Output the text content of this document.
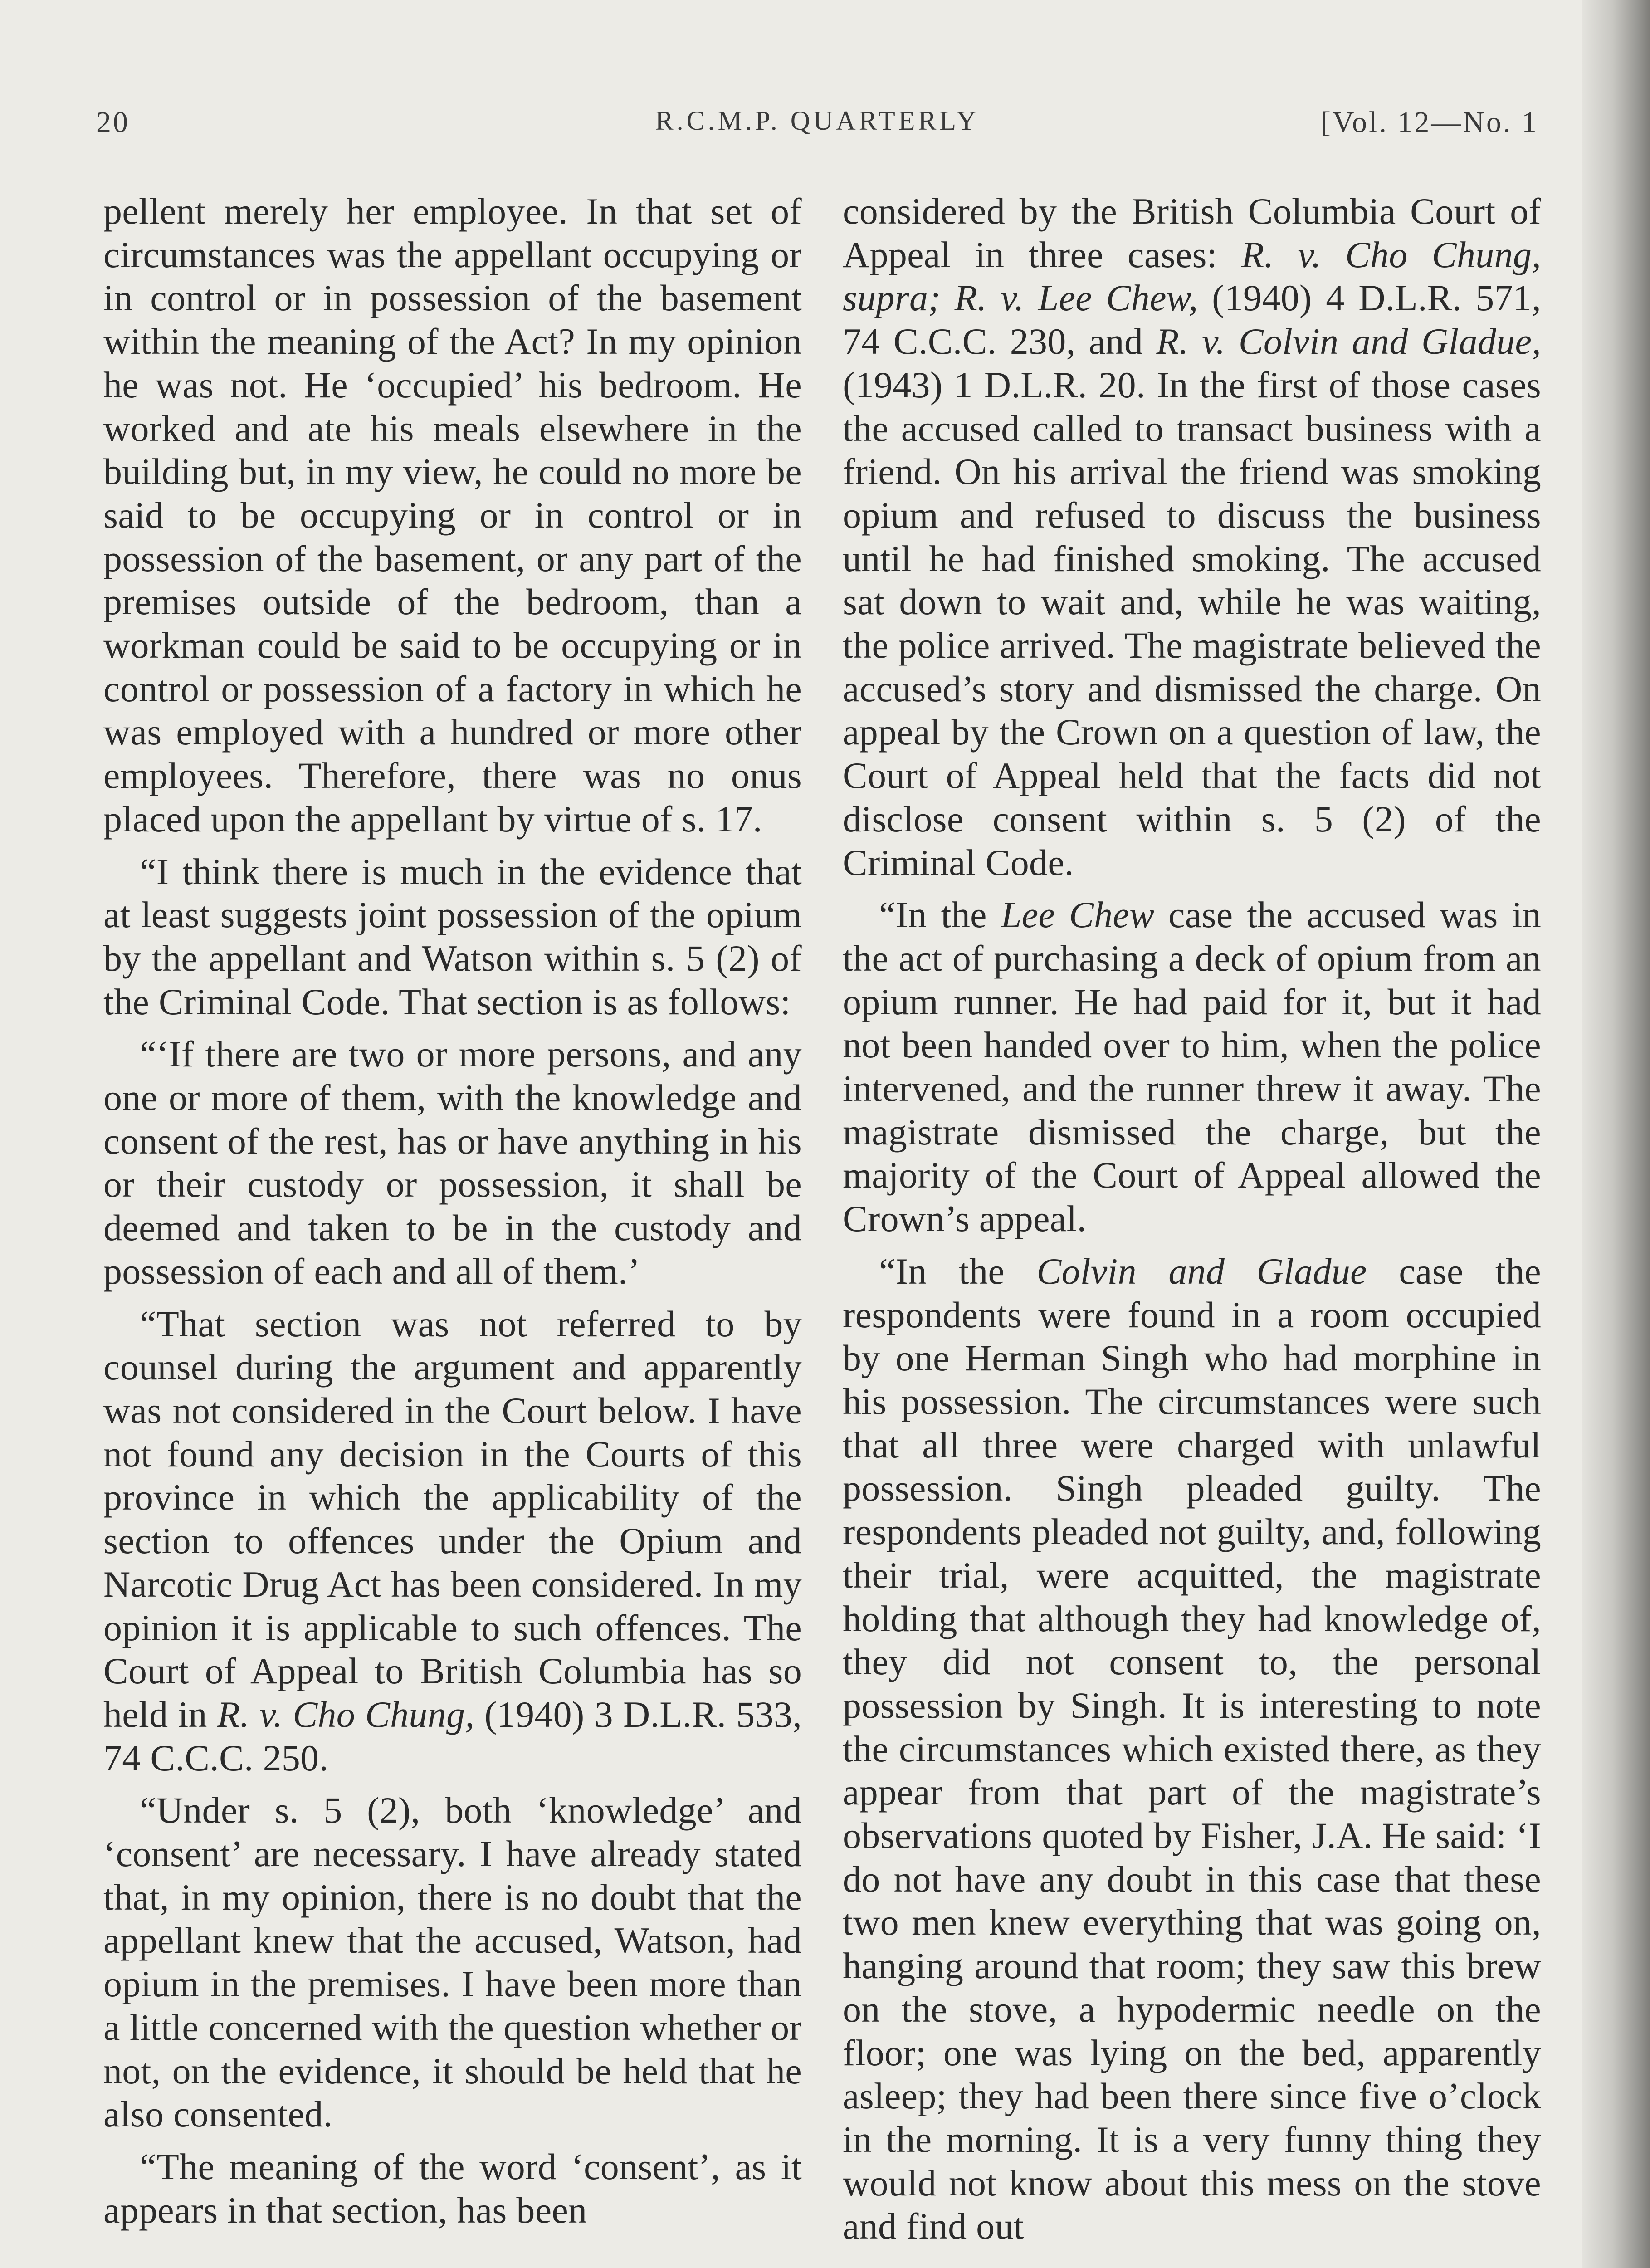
20	R.C.M.P. QUARTERLY	[Vol. 12—No. 1

pellent merely her employee. In that set of circumstances was the appellant occupying or in control or in possession of the basement within the meaning of the Act? In my opinion he was not. He ‘occupied’ his bedroom. He worked and ate his meals elsewhere in the building but, in my view, he could no more be said to be occupying or in control or in possession of the basement, or any part of the premises outside of the bedroom, than a workman could be said to be occupying or in control or possession of a factory in which he was employed with a hundred or more other employees. Therefore, there was no onus placed upon the appellant by virtue of s. 17.

“I think there is much in the evidence that at least suggests joint possession of the opium by the appellant and Watson within s. 5 (2) of the Criminal Code. That section is as follows:

“‘If there are two or more persons, and any one or more of them, with the knowledge and consent of the rest, has or have anything in his or their custody or possession, it shall be deemed and taken to be in the custody and possession of each and all of them.’

“That section was not referred to by counsel during the argument and apparently was not considered in the Court below. I have not found any decision in the Courts of this province in which the applicability of the section to offences under the Opium and Narcotic Drug Act has been considered. In my opinion it is applicable to such offences. The Court of Appeal to British Columbia has so held in R. v. Cho Chung, (1940) 3 D.L.R. 533, 74 C.C.C. 250.

“Under s. 5 (2), both ‘knowledge’ and ‘consent’ are necessary. I have already stated that, in my opinion, there is no doubt that the appellant knew that the accused, Watson, had opium in the premises. I have been more than a little concerned with the question whether or not, on the evidence, it should be held that he also consented.

“The meaning of the word ‘consent’, as it appears in that section, has been

considered by the British Columbia Court of Appeal in three cases: R. v. Cho Chung, supra; R. v. Lee Chew, (1940) 4 D.L.R. 571, 74 C.C.C. 230, and R. v. Colvin and Gladue, (1943) 1 D.L.R. 20. In the first of those cases the accused called to transact business with a friend. On his arrival the friend was smoking opium and refused to discuss the business until he had finished smoking. The accused sat down to wait and, while he was waiting, the police arrived. The magistrate believed the accused’s story and dismissed the charge. On appeal by the Crown on a question of law, the Court of Appeal held that the facts did not disclose consent within s. 5 (2) of the Criminal Code.

“In the Lee Chew case the accused was in the act of purchasing a deck of opium from an opium runner. He had paid for it, but it had not been handed over to him, when the police intervened, and the runner threw it away. The magistrate dismissed the charge, but the majority of the Court of Appeal allowed the Crown’s appeal.

“In the Colvin and Gladue case the respondents were found in a room occupied by one Herman Singh who had morphine in his possession. The circumstances were such that all three were charged with unlawful possession. Singh pleaded guilty. The respondents pleaded not guilty, and, following their trial, were acquitted, the magistrate holding that although they had knowledge of, they did not consent to, the personal possession by Singh. It is interesting to note the circumstances which existed there, as they appear from that part of the magistrate’s observations quoted by Fisher, J.A. He said: ‘I do not have any doubt in this case that these two men knew everything that was going on, hanging around that room; they saw this brew on the stove, a hypodermic needle on the floor; one was lying on the bed, apparently asleep; they had been there since five o’clock in the morning. It is a very funny thing they would not know about this mess on the stove and find out
